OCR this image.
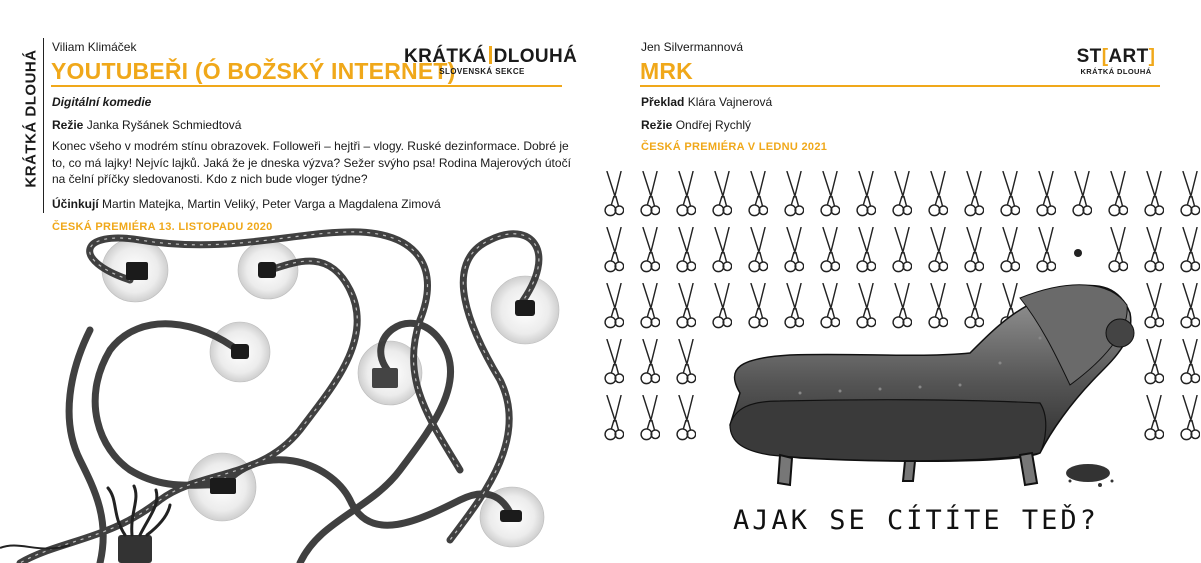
KRÁTKÁ DLOUHÁ
Viliam Klimáček
YOUTUBEŘI (Ó BOŽSKÝ INTERNET)
KRÁTKÁ DLOUHÁ
SLOVENSKÁ SEKCE
Digitální komedie
Režie Janka Ryšánek Schmiedtová
Konec všeho v modrém stínu obrazovek. Followeři – hejtři – vlogy. Ruské dezinformace. Dobré je to, co má lajky! Nejvíc lajků. Jaká že je dneska výzva? Sežer svýho psa! Rodina Majerových útočí na čelní příčky sledovanosti. Kdo z nich bude vloger týdne?
Účinkují Martin Matejka, Martin Veliký, Peter Varga a Magdalena Zimová
ČESKÁ PREMIÉRA 13. LISTOPADU 2020
Jen Silvermannová
MRK
ST[ART]
KRÁTKÁ DLOUHÁ
Překlad Klára Vajnerová
Režie Ondřej Rychlý
ČESKÁ PREMIÉRA V LEDNU 2021
AJAK SE CÍTÍTE TEĎ?
